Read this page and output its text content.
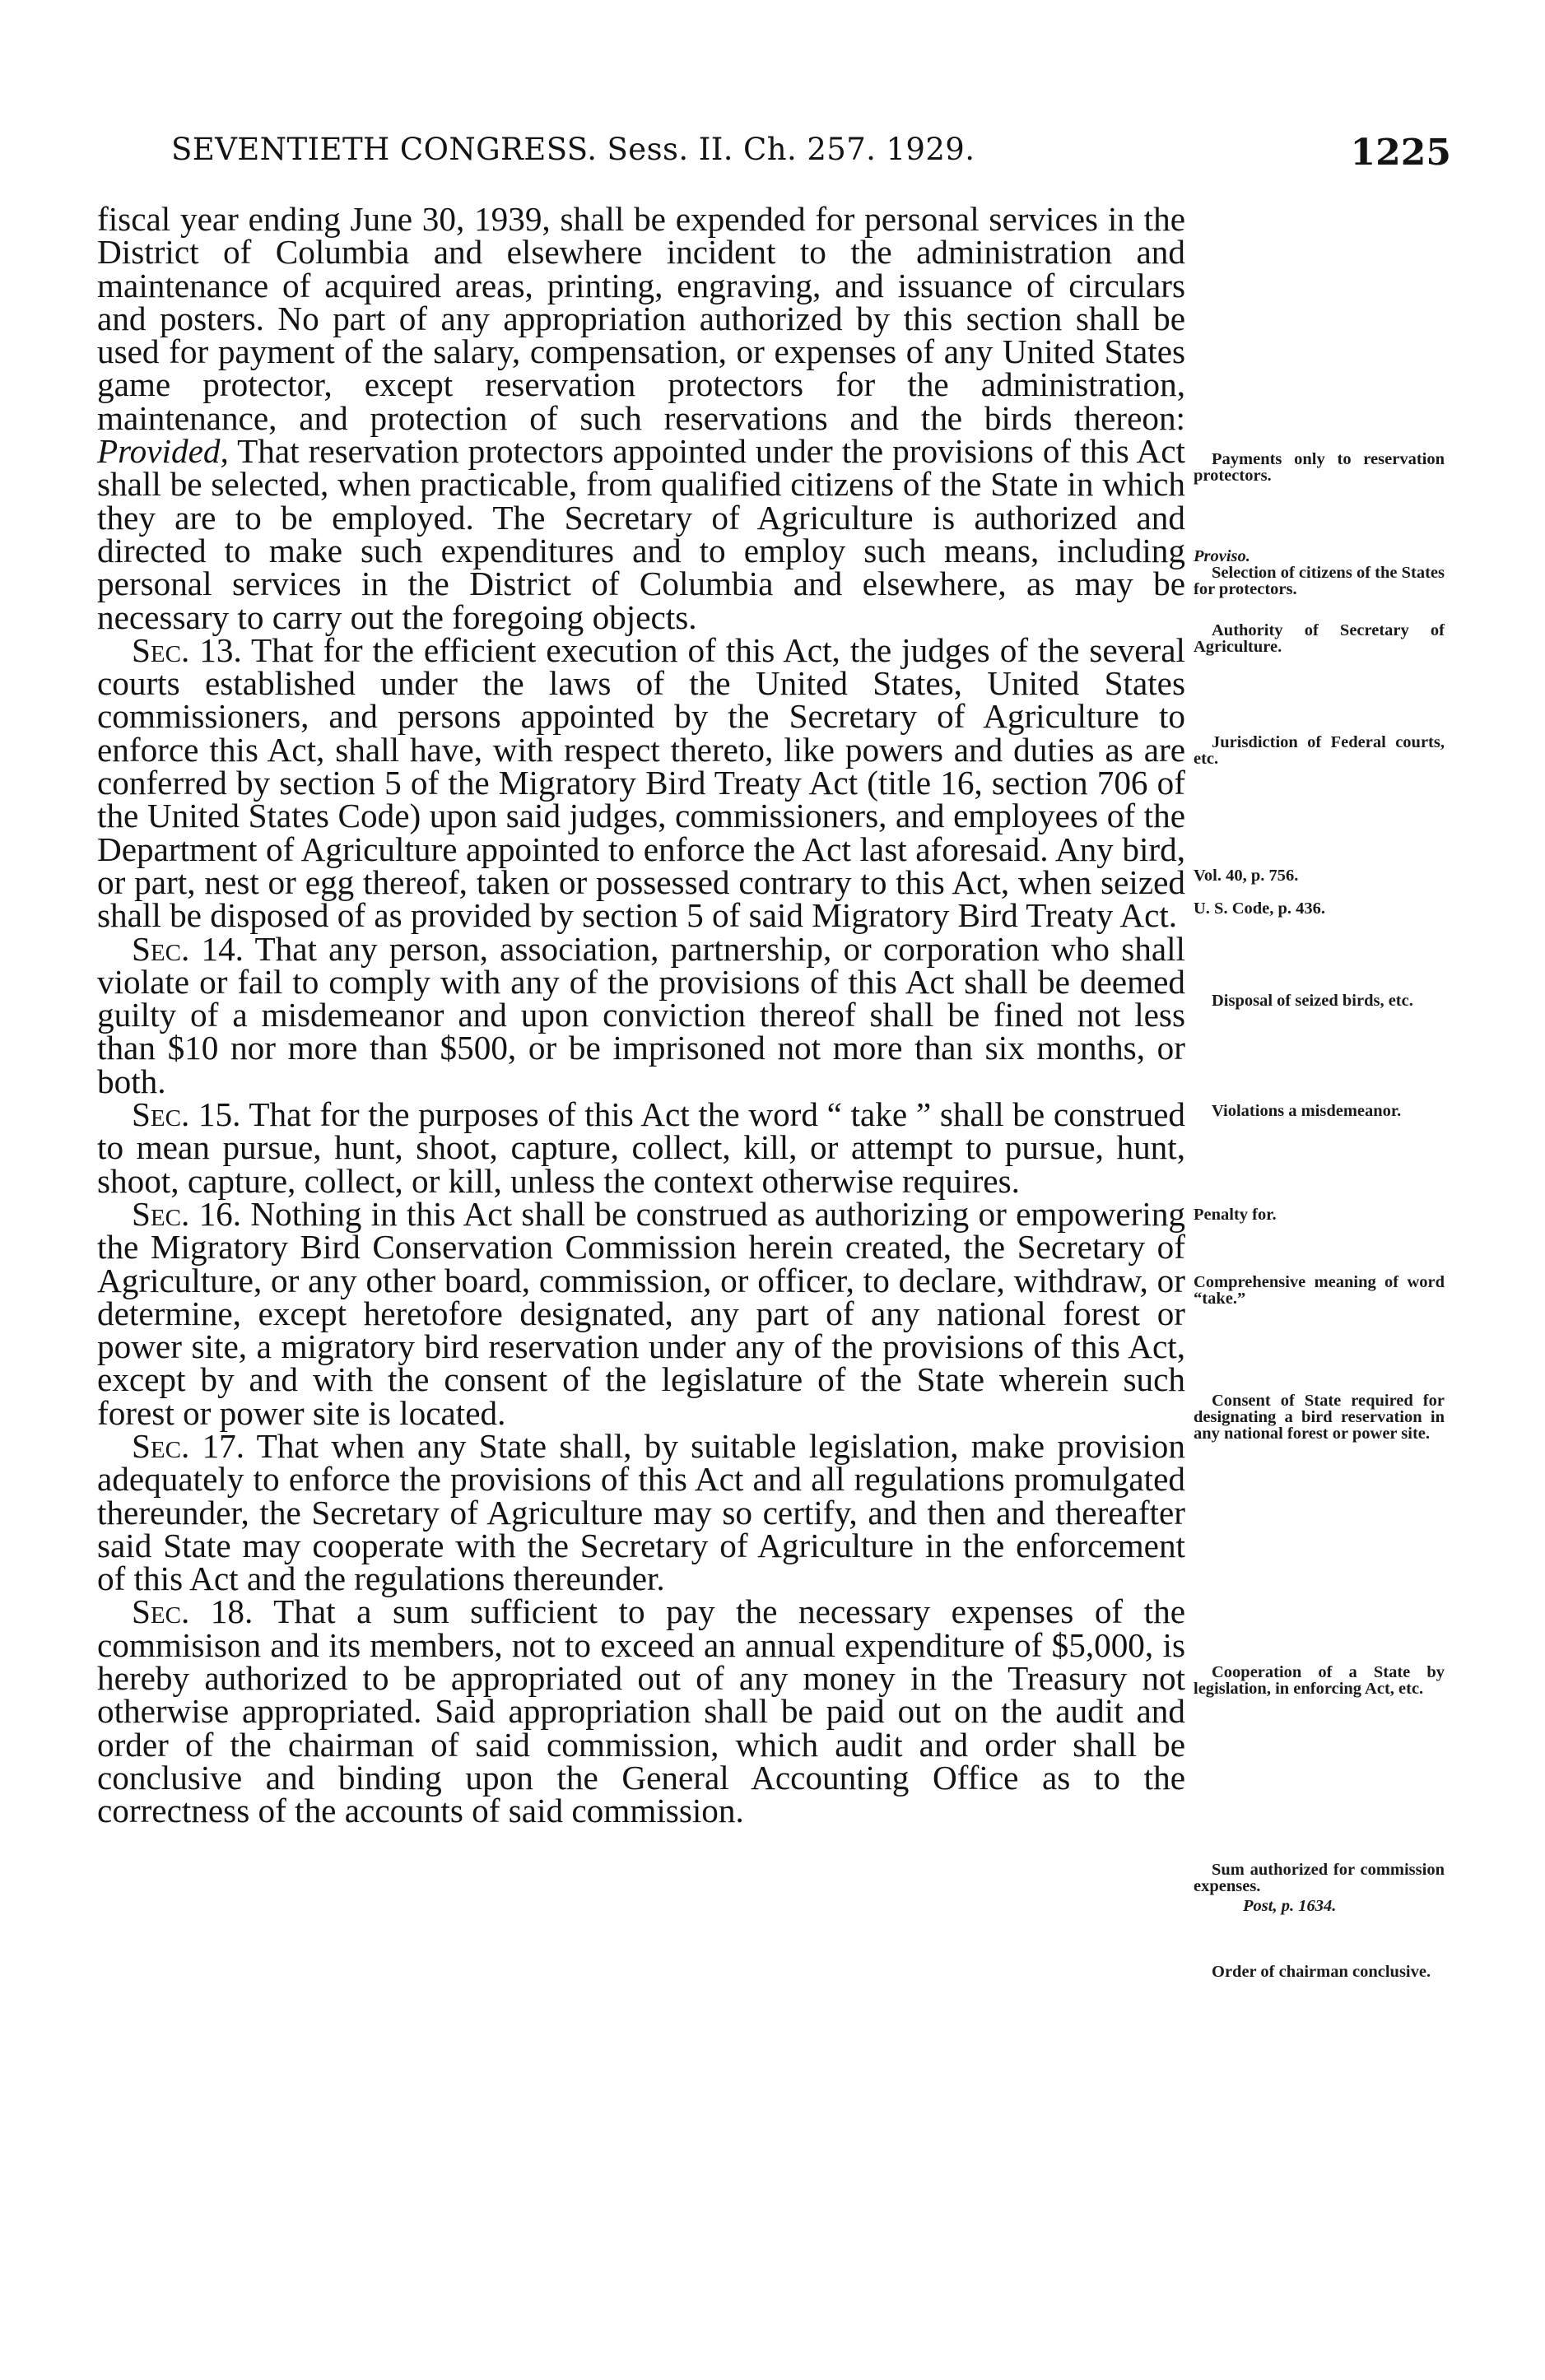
SEVENTIETH CONGRESS. Sess. II. Ch. 257. 1929.	1225

fiscal year ending June 30, 1939, shall be expended for personal services in the District of Columbia and elsewhere incident to the administration and maintenance of acquired areas, printing, engraving, and issuance of circulars and posters. No part of any appropriation authorized by this section shall be used for payment of the salary, compensation, or expenses of any United States game protector, except reservation protectors for the administration, maintenance, and protection of such reservations and the birds thereon: Provided, That reservation protectors appointed under the provisions of this Act shall be selected, when practicable, from qualified citizens of the State in which they are to be employed. The Secretary of Agriculture is authorized and directed to make such expenditures and to employ such means, including personal services in the District of Columbia and elsewhere, as may be necessary to carry out the foregoing objects.

Sec. 13. That for the efficient execution of this Act, the judges of the several courts established under the laws of the United States, United States commissioners, and persons appointed by the Secretary of Agriculture to enforce this Act, shall have, with respect thereto, like powers and duties as are conferred by section 5 of the Migratory Bird Treaty Act (title 16, section 706 of the United States Code) upon said judges, commissioners, and employees of the Department of Agriculture appointed to enforce the Act last aforesaid. Any bird, or part, nest or egg thereof, taken or possessed contrary to this Act, when seized shall be disposed of as provided by section 5 of said Migratory Bird Treaty Act.

Sec. 14. That any person, association, partnership, or corporation who shall violate or fail to comply with any of the provisions of this Act shall be deemed guilty of a misdemeanor and upon conviction thereof shall be fined not less than $10 nor more than $500, or be imprisoned not more than six months, or both.

Sec. 15. That for the purposes of this Act the word “ take ” shall be construed to mean pursue, hunt, shoot, capture, collect, kill, or attempt to pursue, hunt, shoot, capture, collect, or kill, unless the context otherwise requires.

Sec. 16. Nothing in this Act shall be construed as authorizing or empowering the Migratory Bird Conservation Commission herein created, the Secretary of Agriculture, or any other board, commission, or officer, to declare, withdraw, or determine, except heretofore designated, any part of any national forest or power site, a migratory bird reservation under any of the provisions of this Act, except by and with the consent of the legislature of the State wherein such forest or power site is located.

Sec. 17. That when any State shall, by suitable legislation, make provision adequately to enforce the provisions of this Act and all regulations promulgated thereunder, the Secretary of Agriculture may so certify, and then and thereafter said State may cooperate with the Secretary of Agriculture in the enforcement of this Act and the regulations thereunder.

Sec. 18. That a sum sufficient to pay the necessary expenses of the commisison and its members, not to exceed an annual expenditure of $5,000, is hereby authorized to be appropriated out of any money in the Treasury not otherwise appropriated. Said appropriation shall be paid out on the audit and order of the chairman of said commission, which audit and order shall be conclusive and binding upon the General Accounting Office as to the correctness of the accounts of said commission.

Payments only to reservation protectors.
Proviso.
Selection of citizens of the States for protectors.
Authority of Secretary of Agriculture.
Jurisdiction of Federal courts, etc.
Vol. 40, p. 756.
U. S. Code, p. 436.
Disposal of seized birds, etc.
Violations a misdemeanor.
Penalty for.
Comprehensive meaning of word “take.”
Consent of State required for designating a bird reservation in any national forest or power site.
Cooperation of a State by legislation, in enforcing Act, etc.
Sum authorized for commission expenses.
Post, p. 1634.
Order of chairman conclusive.
